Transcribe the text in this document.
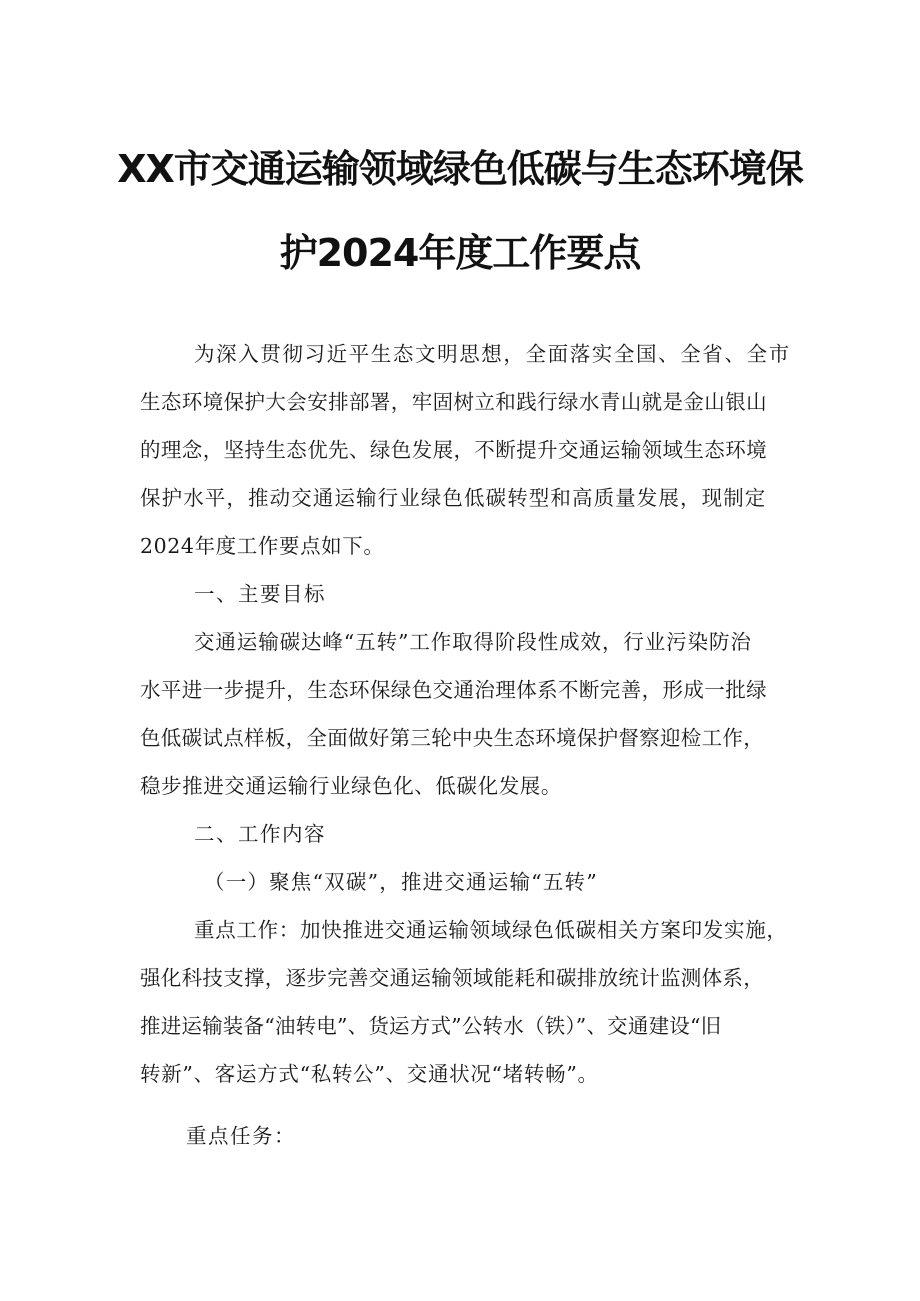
XX市交通运输领域绿色低碳与生态环境保
护2024年度工作要点
为深入贯彻习近平生态文明思想，全面落实全国、全省、全市
生态环境保护大会安排部署，牢固树立和践行绿水青山就是金山银山
的理念，坚持生态优先、绿色发展，不断提升交通运输领域生态环境
保护水平，推动交通运输行业绿色低碳转型和高质量发展，现制定
2024年度工作要点如下。
一、主要目标
交通运输碳达峰“五转”工作取得阶段性成效，行业污染防治
水平进一步提升，生态环保绿色交通治理体系不断完善，形成一批绿
色低碳试点样板，全面做好第三轮中央生态环境保护督察迎检工作，
稳步推进交通运输行业绿色化、低碳化发展。
二、工作内容
（一）聚焦“双碳”，推进交通运输“五转”
重点工作：加快推进交通运输领域绿色低碳相关方案印发实施，
强化科技支撑，逐步完善交通运输领域能耗和碳排放统计监测体系，
推进运输装备“油转电”、货运方式”公转水（铁）”、交通建设“旧
转新”、客运方式“私转公”、交通状况“堵转畅”。
重点任务：
